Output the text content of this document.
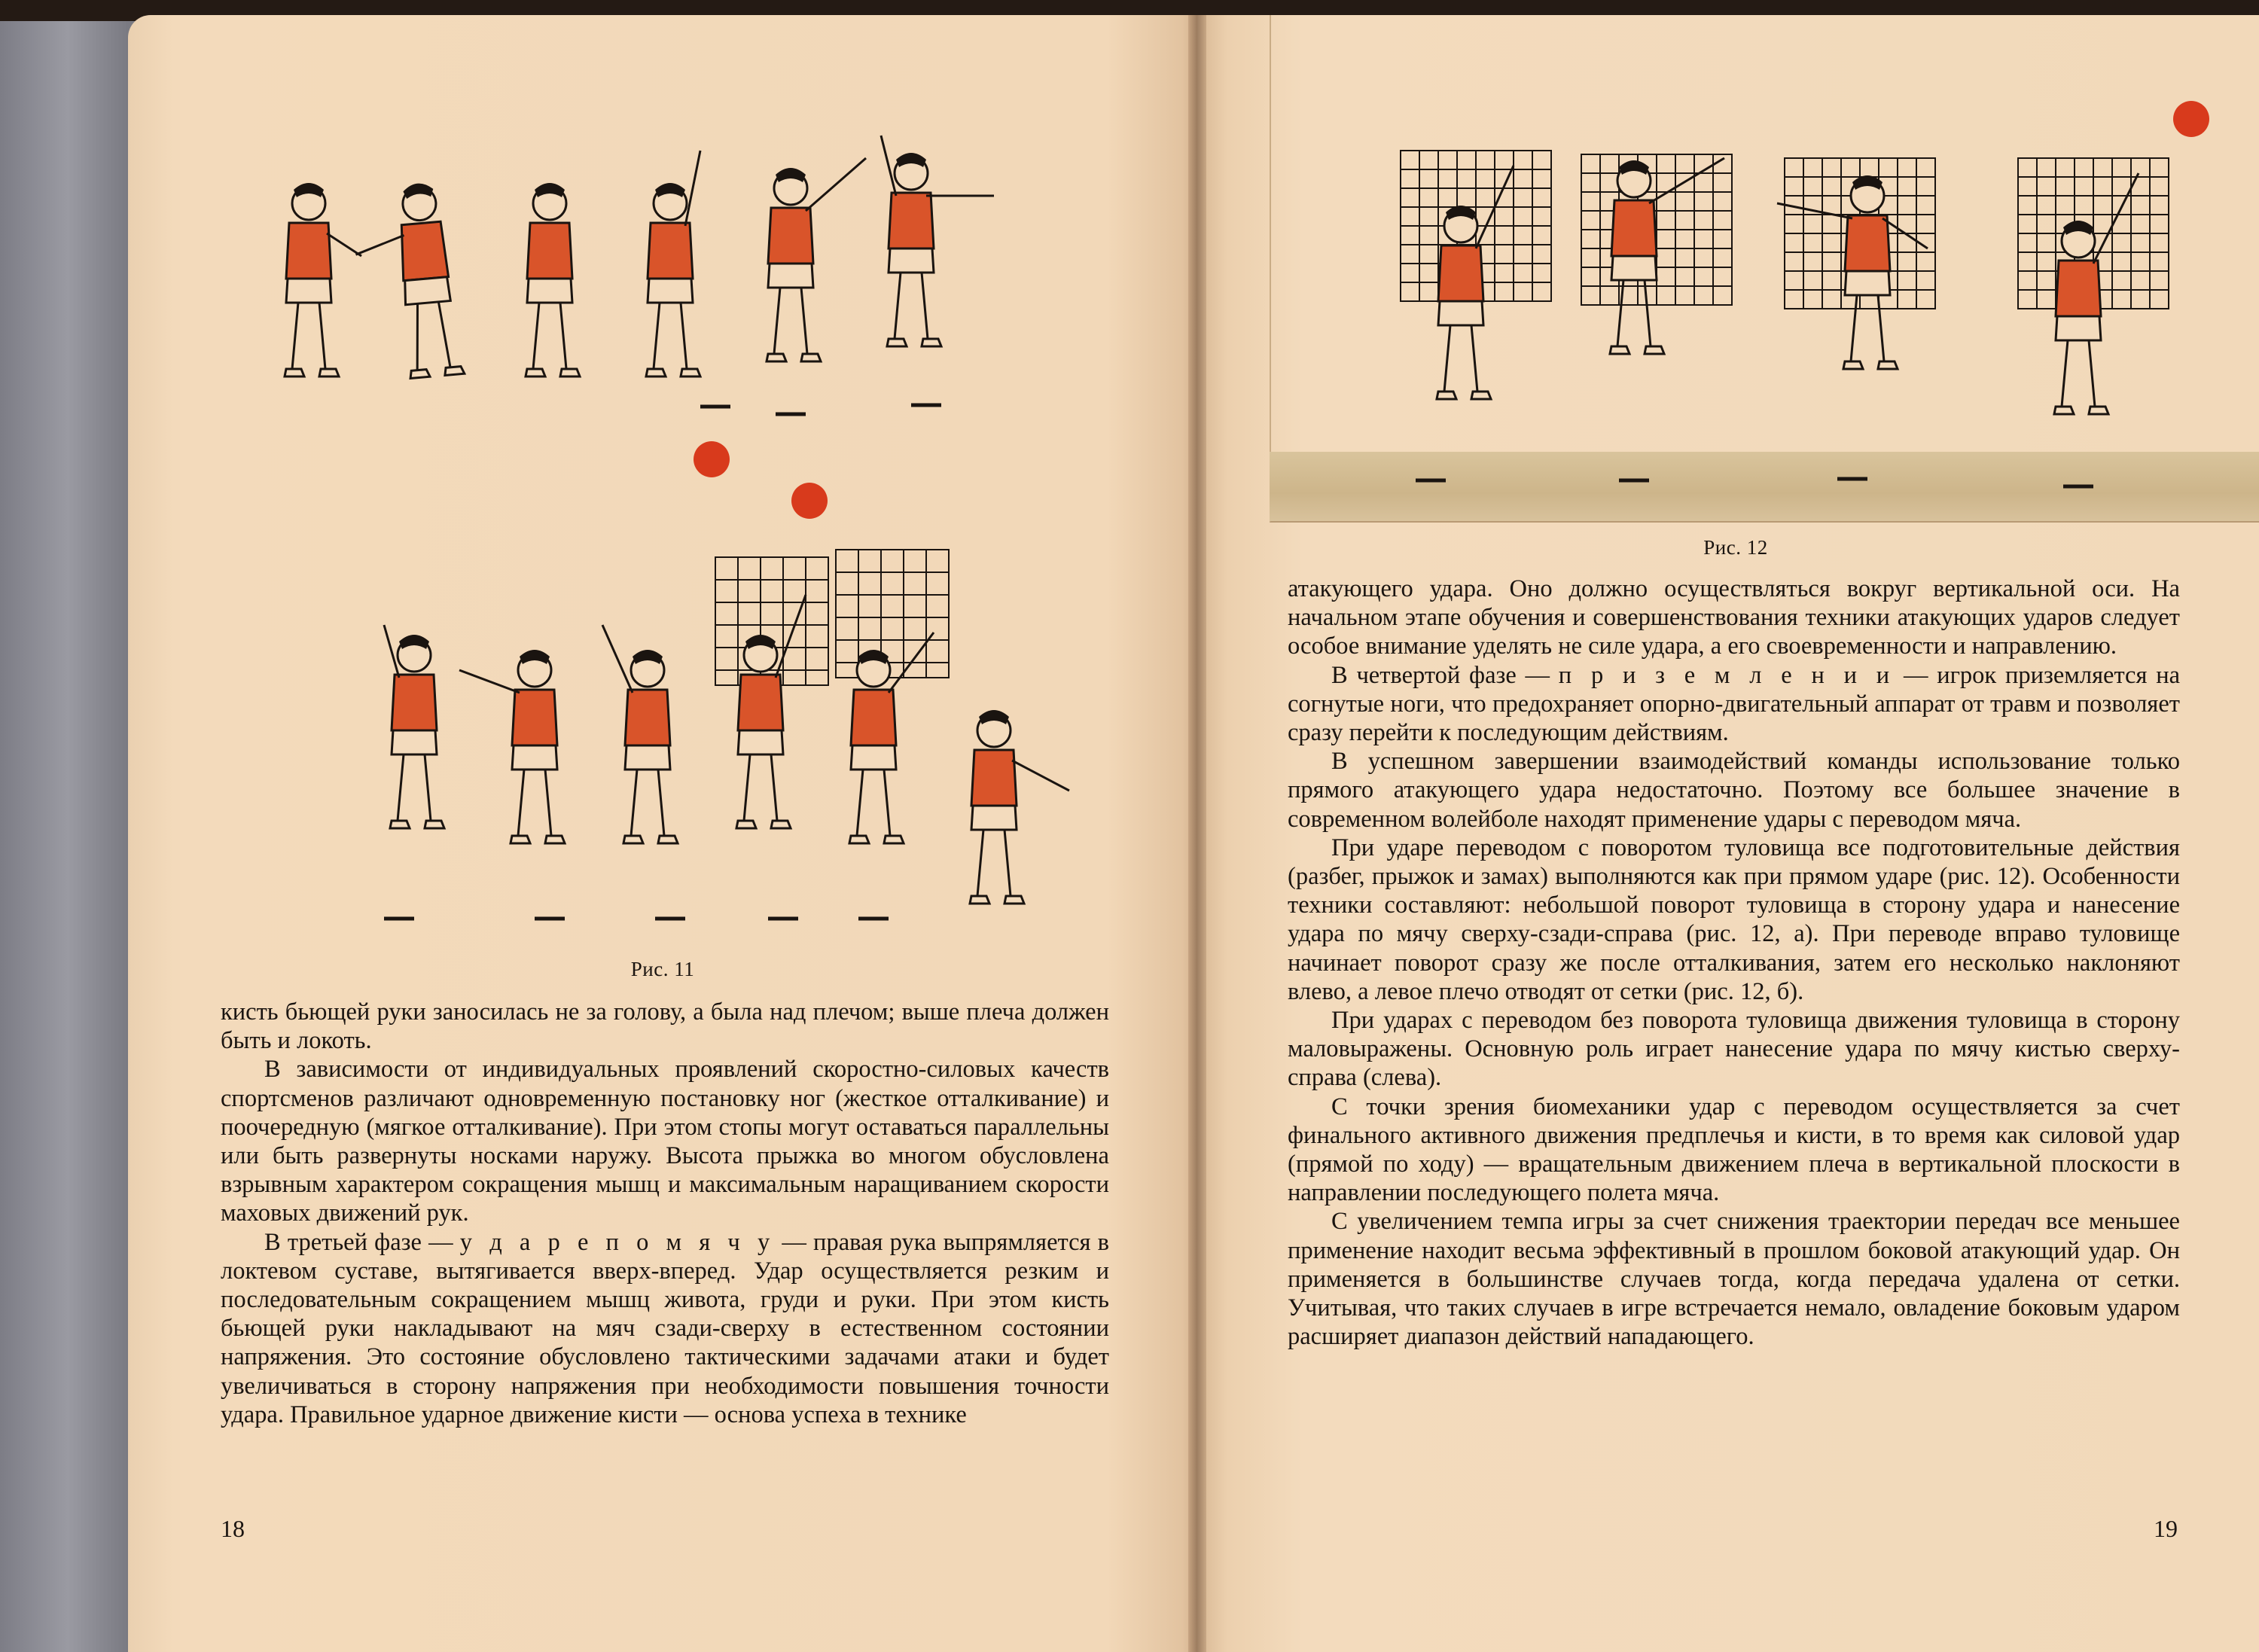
Рис. 11

кисть бьющей руки заносилась не за голову, а была над плечом; выше плеча должен быть и локоть.

В зависимости от индивидуальных проявлений скоростно-силовых качеств спортсменов различают одновременную постановку ног (жесткое отталкивание) и поочередную (мягкое отталкивание). При этом стопы могут оставаться параллельны или быть развернуты носками наружу. Высота прыжка во многом обусловлена взрывным характером сокращения мышц и максимальным наращиванием скорости маховых движений рук.

В третьей фазе — у д а р е п о м я ч у — правая рука выпрямляется в локтевом суставе, вытягивается вверх-вперед. Удар осуществляется резким и последовательным сокращением мышц живота, груди и руки. При этом кисть бьющей руки накладывают на мяч сзади-сверху в естественном состоянии напряжения. Это состояние обусловлено тактическими задачами атаки и будет увеличиваться в сторону напряжения при необходимости повышения точности удара. Правильное ударное движение кисти — основа успеха в технике

18
Рис. 12

атакующего удара. Оно должно осуществляться вокруг вертикальной оси. На начальном этапе обучения и совершенствования техники атакующих ударов следует особое внимание уделять не силе удара, а его своевременности и направлению.

В четвертой фазе — п р и з е м л е н и и — игрок приземляется на согнутые ноги, что предохраняет опорно-двигательный аппарат от травм и позволяет сразу перейти к последующим действиям.

В успешном завершении взаимодействий команды использование только прямого атакующего удара недостаточно. Поэтому все большее значение в современном волейболе находят применение удары с переводом мяча.

При ударе переводом с поворотом туловища все подготовительные действия (разбег, прыжок и замах) выполняются как при прямом ударе (рис. 12). Особенности техники составляют: небольшой поворот туловища в сторону удара и нанесение удара по мячу сверху-сзади-справа (рис. 12, а). При переводе вправо туловище начинает поворот сразу же после отталкивания, затем его несколько наклоняют влево, а левое плечо отводят от сетки (рис. 12, б).

При ударах с переводом без поворота туловища движения туловища в сторону маловыражены. Основную роль играет нанесение удара по мячу кистью сверху-справа (слева).

С точки зрения биомеханики удар с переводом осуществляется за счет финального активного движения предплечья и кисти, в то время как силовой удар (прямой по ходу) — вращательным движением плеча в вертикальной плоскости в направлении последующего полета мяча.

С увеличением темпа игры за счет снижения траектории передач все меньшее применение находит весьма эффективный в прошлом боковой атакующий удар. Он применяется в большинстве случаев тогда, когда передача удалена от сетки. Учитывая, что таких случаев в игре встречается немало, овладение боковым ударом расширяет диапазон действий нападающего.

19
